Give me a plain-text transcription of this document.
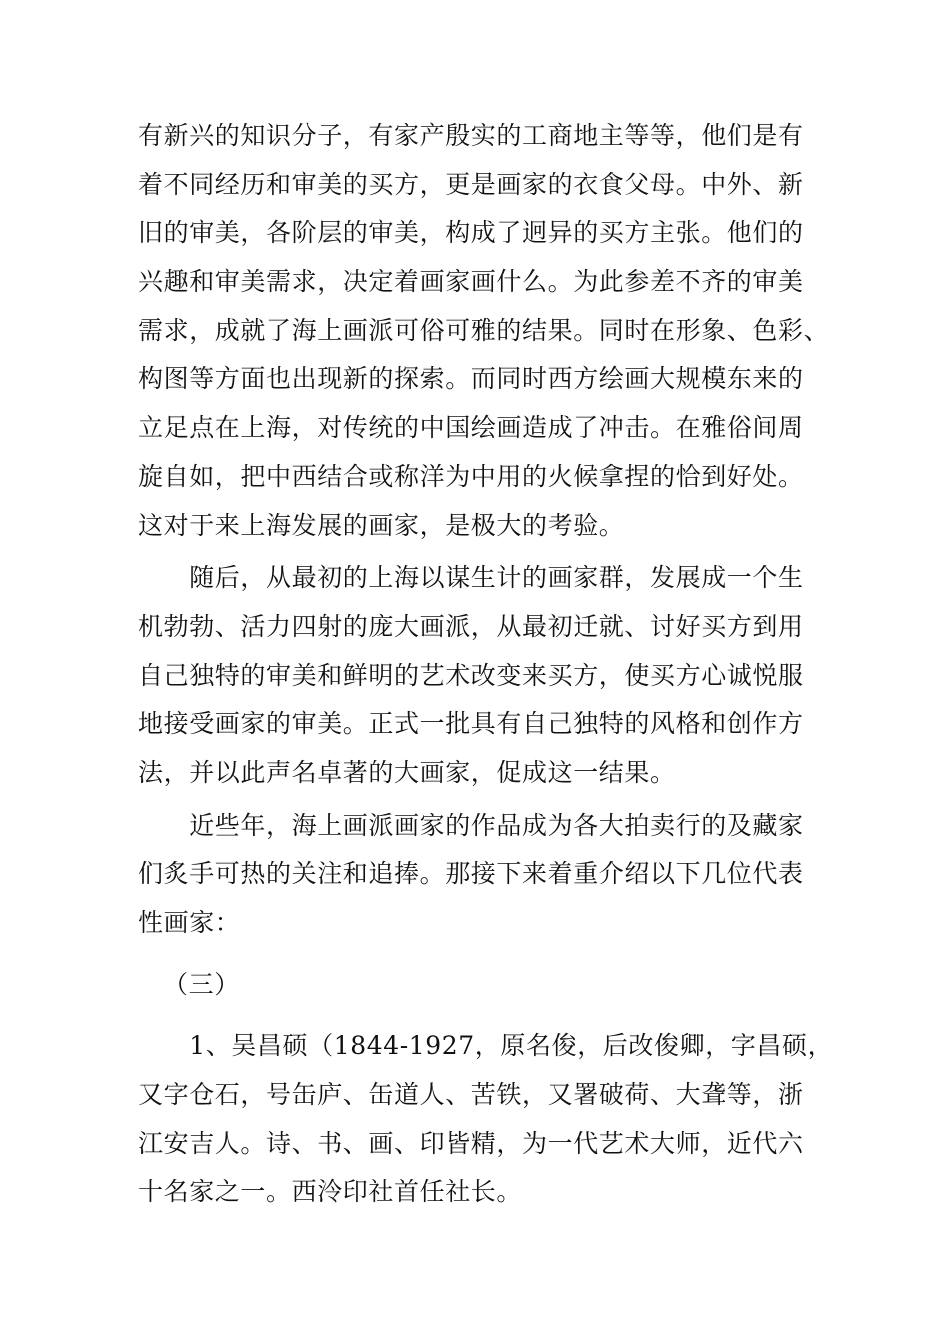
有新兴的知识分子，有家产殷实的工商地主等等，他们是有
着不同经历和审美的买方，更是画家的衣食父母。中外、新
旧的审美，各阶层的审美，构成了迥异的买方主张。他们的
兴趣和审美需求，决定着画家画什么。为此参差不齐的审美
需求，成就了海上画派可俗可雅的结果。同时在形象、色彩、
构图等方面也出现新的探索。而同时西方绘画大规模东来的
立足点在上海，对传统的中国绘画造成了冲击。在雅俗间周
旋自如，把中西结合或称洋为中用的火候拿捏的恰到好处。
这对于来上海发展的画家，是极大的考验。
　　随后，从最初的上海以谋生计的画家群，发展成一个生
机勃勃、活力四射的庞大画派，从最初迁就、讨好买方到用
自己独特的审美和鲜明的艺术改变来买方，使买方心诚悦服
地接受画家的审美。正式一批具有自己独特的风格和创作方
法，并以此声名卓著的大画家，促成这一结果。
　　近些年，海上画派画家的作品成为各大拍卖行的及藏家
们炙手可热的关注和追捧。那接下来着重介绍以下几位代表
性画家：
（三）
　　1、吴昌硕（1844-1927，原名俊，后改俊卿，字昌硕，
又字仓石，号缶庐、缶道人、苦铁，又署破荷、大聋等，浙
江安吉人。诗、书、画、印皆精，为一代艺术大师，近代六
十名家之一。西泠印社首任社长。
